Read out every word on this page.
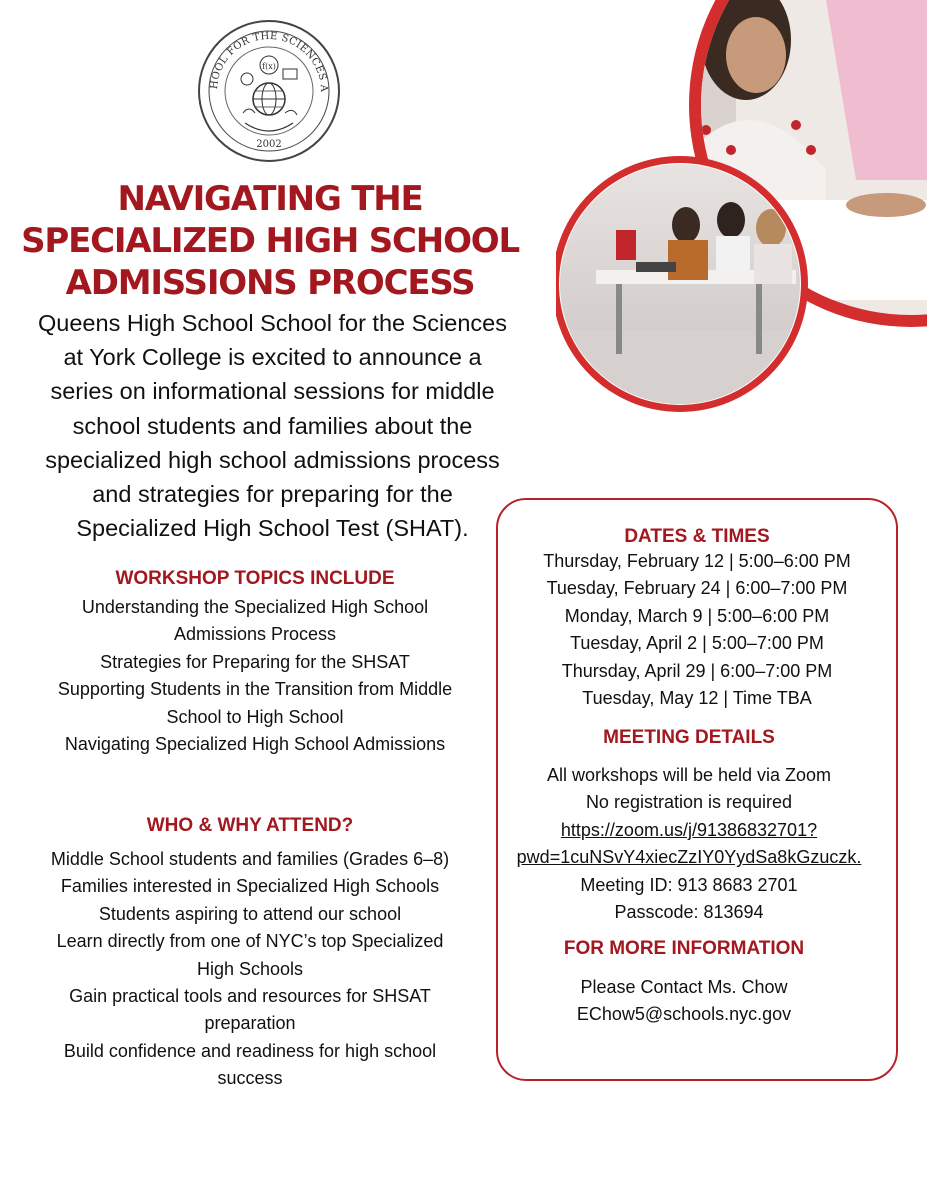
HOOL FOR THE SCIENCES A
2002
f(x)
NAVIGATING THE
SPECIALIZED HIGH SCHOOL
ADMISSIONS PROCESS
Queens High School School for the Sciences
at York College is excited to announce a
series on informational sessions for middle
school students and families about the
specialized high school admissions process
and strategies for preparing for the
Specialized High School Test (SHAT).
WORKSHOP TOPICS INCLUDE
Understanding the Specialized High School
Admissions Process
Strategies for Preparing for the SHSAT
Supporting Students in the Transition from Middle
School to High School
Navigating Specialized High School Admissions
WHO & WHY ATTEND?
Middle School students and families (Grades 6–8)
Families interested in Specialized High Schools
Students aspiring to attend our school
Learn directly from one of NYC’s top Specialized
High Schools
Gain practical tools and resources for SHSAT
preparation
Build confidence and readiness for high school
success
DATES & TIMES
Thursday, February 12 | 5:00–6:00 PM
Tuesday, February 24 | 6:00–7:00 PM
Monday, March 9 | 5:00–6:00 PM
Tuesday, April 2 | 5:00–7:00 PM
Thursday, April 29 | 6:00–7:00 PM
Tuesday, May 12 | Time TBA
MEETING DETAILS
All workshops will be held via Zoom
No registration is required
https://zoom.us/j/91386832701?
pwd=1cuNSvY4xiecZzIY0YydSa8kGzuczk.
Meeting ID: 913 8683 2701
Passcode: 813694
FOR MORE INFORMATION
Please Contact Ms. Chow
EChow5@schools.nyc.gov
